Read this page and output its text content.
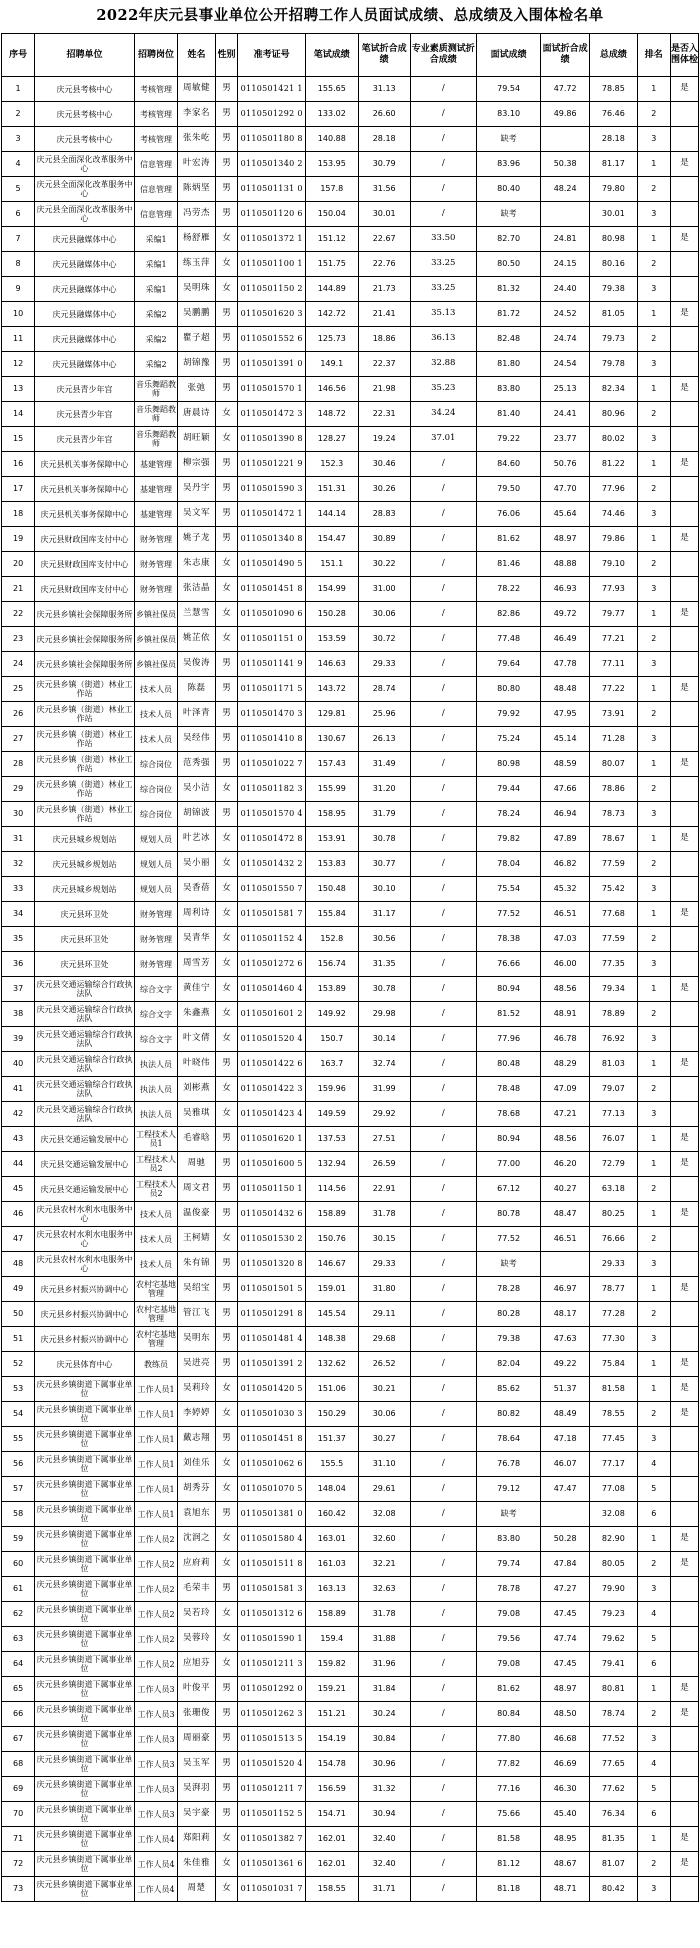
2022年庆元县事业单位公开招聘工作人员面试成绩、总成绩及入围体检名单
序号	招聘单位	招聘岗位	姓名	性别	准考证号	笔试成绩	笔试折合成绩	专业素质测试折合成绩	面试成绩	面试折合成绩	总成绩	排名	是否入围体检
1	庆元县考核中心	考核管理	周敏健	男	0110501421 1	155.65	31.13	/	79.54	47.72	78.85	1	是
2	庆元县考核中心	考核管理	李家名	男	0110501292 0	133.02	26.60	/	83.10	49.86	76.46	2	
3	庆元县考核中心	考核管理	张朱屹	男	0110501180 8	140.88	28.18	/	缺考		28.18	3	
4	庆元县全面深化改革服务中心	信息管理	叶宏涛	男	0110501340 2	153.95	30.79	/	83.96	50.38	81.17	1	是
5	庆元县全面深化改革服务中心	信息管理	陈炳坚	男	0110501131 0	157.8	31.56	/	80.40	48.24	79.80	2	
6	庆元县全面深化改革服务中心	信息管理	冯劳杰	男	0110501120 6	150.04	30.01	/	缺考		30.01	3	
7	庆元县融媒体中心	采编1	杨舒雁	女	0110501372 1	151.12	22.67	33.50	82.70	24.81	80.98	1	是
8	庆元县融媒体中心	采编1	练玉萍	女	0110501100 1	151.75	22.76	33.25	80.50	24.15	80.16	2	
9	庆元县融媒体中心	采编1	吴明珠	女	0110501150 2	144.89	21.73	33.25	81.32	24.40	79.38	3	
10	庆元县融媒体中心	采编2	吴鹏鹏	男	0110501620 3	142.72	21.41	35.13	81.72	24.52	81.05	1	是
11	庆元县融媒体中心	采编2	瞿子超	男	0110501552 6	125.73	18.86	36.13	82.48	24.74	79.73	2	
12	庆元县融媒体中心	采编2	胡锦豫	男	0110501391 0	149.1	22.37	32.88	81.80	24.54	79.78	3	
13	庆元县青少年宫	音乐舞蹈教师	张弛	男	0110501570 1	146.56	21.98	35.23	83.80	25.13	82.34	1	是
14	庆元县青少年宫	音乐舞蹈教师	唐晨诗	女	0110501472 3	148.72	22.31	34.24	81.40	24.41	80.96	2	
15	庆元县青少年宫	音乐舞蹈教师	胡旺颖	女	0110501390 8	128.27	19.24	37.01	79.22	23.77	80.02	3	
16	庆元县机关事务保障中心	基建管理	柳宗强	男	0110501221 9	152.3	30.46	/	84.60	50.76	81.22	1	是
17	庆元县机关事务保障中心	基建管理	吴丹宇	男	0110501590 3	151.31	30.26	/	79.50	47.70	77.96	2	
18	庆元县机关事务保障中心	基建管理	吴文军	男	0110501472 1	144.14	28.83	/	76.06	45.64	74.46	3	
19	庆元县财政国库支付中心	财务管理	姚子龙	男	0110501340 8	154.47	30.89	/	81.62	48.97	79.86	1	是
20	庆元县财政国库支付中心	财务管理	朱志康	女	0110501490 5	151.1	30.22	/	81.46	48.88	79.10	2	
21	庆元县财政国库支付中心	财务管理	张洁晶	女	0110501451 8	154.99	31.00	/	78.22	46.93	77.93	3	
22	庆元县乡镇社会保障服务所	乡镇社保员	兰慧雪	女	0110501090 6	150.28	30.06	/	82.86	49.72	79.77	1	是
23	庆元县乡镇社会保障服务所	乡镇社保员	姚芷依	女	0110501151 0	153.59	30.72	/	77.48	46.49	77.21	2	
24	庆元县乡镇社会保障服务所	乡镇社保员	吴俊涛	男	0110501141 9	146.63	29.33	/	79.64	47.78	77.11	3	
25	庆元县乡镇（街道）林业工作站	技术人员	陈磊	男	0110501171 5	143.72	28.74	/	80.80	48.48	77.22	1	是
26	庆元县乡镇（街道）林业工作站	技术人员	叶泽青	男	0110501470 3	129.81	25.96	/	79.92	47.95	73.91	2	
27	庆元县乡镇（街道）林业工作站	技术人员	吴经伟	男	0110501410 8	130.67	26.13	/	75.24	45.14	71.28	3	
28	庆元县乡镇（街道）林业工作站	综合岗位	范秀强	男	0110501022 7	157.43	31.49	/	80.98	48.59	80.07	1	是
29	庆元县乡镇（街道）林业工作站	综合岗位	吴小洁	女	0110501182 3	155.99	31.20	/	79.44	47.66	78.86	2	
30	庆元县乡镇（街道）林业工作站	综合岗位	胡锦波	男	0110501570 4	158.95	31.79	/	78.24	46.94	78.73	3	
31	庆元县城乡规划站	规划人员	叶艺冰	女	0110501472 8	153.91	30.78	/	79.82	47.89	78.67	1	是
32	庆元县城乡规划站	规划人员	吴小丽	女	0110501432 2	153.83	30.77	/	78.04	46.82	77.59	2	
33	庆元县城乡规划站	规划人员	吴香蓓	女	0110501550 7	150.48	30.10	/	75.54	45.32	75.42	3	
34	庆元县环卫处	财务管理	周利诗	女	0110501581 7	155.84	31.17	/	77.52	46.51	77.68	1	是
35	庆元县环卫处	财务管理	吴青华	女	0110501152 4	152.8	30.56	/	78.38	47.03	77.59	2	
36	庆元县环卫处	财务管理	周雪芳	女	0110501272 6	156.74	31.35	/	76.66	46.00	77.35	3	
37	庆元县交通运输综合行政执法队	综合文字	黄佳宁	女	0110501460 4	153.89	30.78	/	80.94	48.56	79.34	1	是
38	庆元县交通运输综合行政执法队	综合文字	朱鑫燕	女	0110501601 2	149.92	29.98	/	81.52	48.91	78.89	2	
39	庆元县交通运输综合行政执法队	综合文字	叶文倩	女	0110501520 4	150.7	30.14	/	77.96	46.78	76.92	3	
40	庆元县交通运输综合行政执法队	执法人员	叶晓伟	男	0110501422 6	163.7	32.74	/	80.48	48.29	81.03	1	是
41	庆元县交通运输综合行政执法队	执法人员	刘彬燕	女	0110501422 3	159.96	31.99	/	78.48	47.09	79.07	2	
42	庆元县交通运输综合行政执法队	执法人员	吴雅琪	女	0110501423 4	149.59	29.92	/	78.68	47.21	77.13	3	
43	庆元县交通运输发展中心	工程技术人员1	毛睿晗	男	0110501620 1	137.53	27.51	/	80.94	48.56	76.07	1	是
44	庆元县交通运输发展中心	工程技术人员2	周驰	男	0110501600 5	132.94	26.59	/	77.00	46.20	72.79	1	是
45	庆元县交通运输发展中心	工程技术人员2	周文君	男	0110501150 1	114.56	22.91	/	67.12	40.27	63.18	2	
46	庆元县农村水利水电服务中心	技术人员	温俊豪	男	0110501432 6	158.89	31.78	/	80.78	48.47	80.25	1	是
47	庆元县农村水利水电服务中心	技术人员	王柯婧	女	0110501530 2	150.76	30.15	/	77.52	46.51	76.66	2	
48	庆元县农村水利水电服务中心	技术人员	朱有锦	男	0110501320 8	146.67	29.33	/	缺考		29.33	3	
49	庆元县乡村振兴协调中心	农村宅基地管理	吴绍宝	男	0110501501 5	159.01	31.80	/	78.28	46.97	78.77	1	是
50	庆元县乡村振兴协调中心	农村宅基地管理	管江飞	男	0110501291 8	145.54	29.11	/	80.28	48.17	77.28	2	
51	庆元县乡村振兴协调中心	农村宅基地管理	吴明东	男	0110501481 4	148.38	29.68	/	79.38	47.63	77.30	3	
52	庆元县体育中心	教练员	吴进亮	男	0110501391 2	132.62	26.52	/	82.04	49.22	75.84	1	是
53	庆元县乡镇街道下属事业单位	工作人员1	吴莉玲	女	0110501420 5	151.06	30.21	/	85.62	51.37	81.58	1	是
54	庆元县乡镇街道下属事业单位	工作人员1	李婷婷	女	0110501030 3	150.29	30.06	/	80.82	48.49	78.55	2	是
55	庆元县乡镇街道下属事业单位	工作人员1	戴志翔	男	0110501451 8	151.37	30.27	/	78.64	47.18	77.45	3	
56	庆元县乡镇街道下属事业单位	工作人员1	刘佳乐	女	0110501062 6	155.5	31.10	/	76.78	46.07	77.17	4	
57	庆元县乡镇街道下属事业单位	工作人员1	胡秀芬	女	0110501070 5	148.04	29.61	/	79.12	47.47	77.08	5	
58	庆元县乡镇街道下属事业单位	工作人员1	袁旭东	男	0110501381 0	160.42	32.08	/	缺考		32.08	6	
59	庆元县乡镇街道下属事业单位	工作人员2	沈润之	女	0110501580 4	163.01	32.60	/	83.80	50.28	82.90	1	是
60	庆元县乡镇街道下属事业单位	工作人员2	应府莉	女	0110501511 8	161.03	32.21	/	79.74	47.84	80.05	2	是
61	庆元县乡镇街道下属事业单位	工作人员2	毛荣丰	男	0110501581 3	163.13	32.63	/	78.78	47.27	79.90	3	
62	庆元县乡镇街道下属事业单位	工作人员2	吴若玲	女	0110501312 6	158.89	31.78	/	79.08	47.45	79.23	4	
63	庆元县乡镇街道下属事业单位	工作人员2	吴蓉玲	女	0110501590 1	159.4	31.88	/	79.56	47.74	79.62	5	
64	庆元县乡镇街道下属事业单位	工作人员2	应旭芬	女	0110501211 3	159.82	31.96	/	79.08	47.45	79.41	6	
65	庆元县乡镇街道下属事业单位	工作人员3	叶俊平	男	0110501292 0	159.21	31.84	/	81.62	48.97	80.81	1	是
66	庆元县乡镇街道下属事业单位	工作人员3	张珊俊	男	0110501262 3	151.21	30.24	/	80.84	48.50	78.74	2	是
67	庆元县乡镇街道下属事业单位	工作人员3	周丽豪	男	0110501513 5	154.19	30.84	/	77.80	46.68	77.52	3	
68	庆元县乡镇街道下属事业单位	工作人员3	吴玉军	男	0110501520 4	154.78	30.96	/	77.82	46.69	77.65	4	
69	庆元县乡镇街道下属事业单位	工作人员3	吴湃羽	男	0110501211 7	156.59	31.32	/	77.16	46.30	77.62	5	
70	庆元县乡镇街道下属事业单位	工作人员3	吴宇豪	男	0110501152 5	154.71	30.94	/	75.66	45.40	76.34	6	
71	庆元县乡镇街道下属事业单位	工作人员4	郑阳莉	女	0110501382 7	162.01	32.40	/	81.58	48.95	81.35	1	是
72	庆元县乡镇街道下属事业单位	工作人员4	朱佳雅	女	0110501361 6	162.01	32.40	/	81.12	48.67	81.07	2	是
73	庆元县乡镇街道下属事业单位	工作人员4	周楚	女	0110501031 7	158.55	31.71	/	81.18	48.71	80.42	3	
